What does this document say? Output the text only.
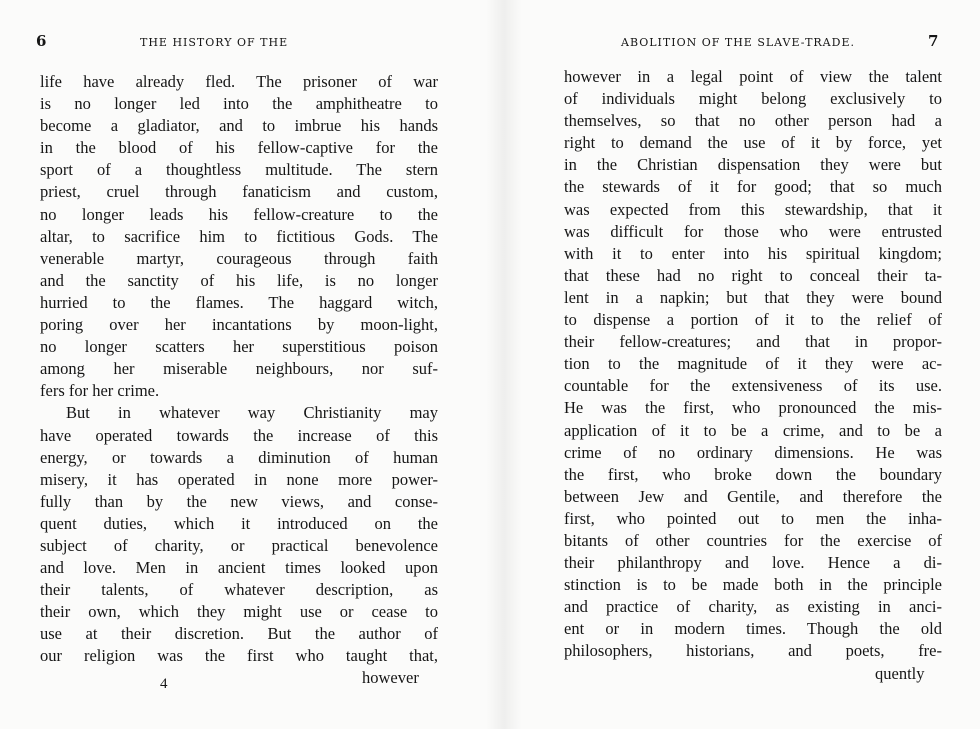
6	THE HISTORY OF THE
life have already fled. The prisoner of war
is no longer led into the amphitheatre to
become a gladiator, and to imbrue his hands
in the blood of his fellow-captive for the
sport of a thoughtless multitude. The stern
priest, cruel through fanaticism and custom,
no longer leads his fellow-creature to the
altar, to sacrifice him to fictitious Gods. The
venerable martyr, courageous through faith
and the sanctity of his life, is no longer
hurried to the flames. The haggard witch,
poring over her incantations by moon-light,
no longer scatters her superstitious poison
among her miserable neighbours, nor suf-
fers for her crime.
But in whatever way Christianity may
have operated towards the increase of this
energy, or towards a diminution of human
misery, it has operated in none more power-
fully than by the new views, and conse-
quent duties, which it introduced on the
subject of charity, or practical benevolence
and love. Men in ancient times looked upon
their talents, of whatever description, as
their own, which they might use or cease to
use at their discretion. But the author of
our religion was the first who taught that,
4	however
ABOLITION OF THE SLAVE-TRADE.	7
however in a legal point of view the talent
of individuals might belong exclusively to
themselves, so that no other person had a
right to demand the use of it by force, yet
in the Christian dispensation they were but
the stewards of it for good; that so much
was expected from this stewardship, that it
was difficult for those who were entrusted
with it to enter into his spiritual kingdom;
that these had no right to conceal their ta-
lent in a napkin; but that they were bound
to dispense a portion of it to the relief of
their fellow-creatures; and that in propor-
tion to the magnitude of it they were ac-
countable for the extensiveness of its use.
He was the first, who pronounced the mis-
application of it to be a crime, and to be a
crime of no ordinary dimensions. He was
the first, who broke down the boundary
between Jew and Gentile, and therefore the
first, who pointed out to men the inha-
bitants of other countries for the exercise of
their philanthropy and love. Hence a di-
stinction is to be made both in the principle
and practice of charity, as existing in anci-
ent or in modern times. Though the old
philosophers, historians, and poets, fre-
quently
